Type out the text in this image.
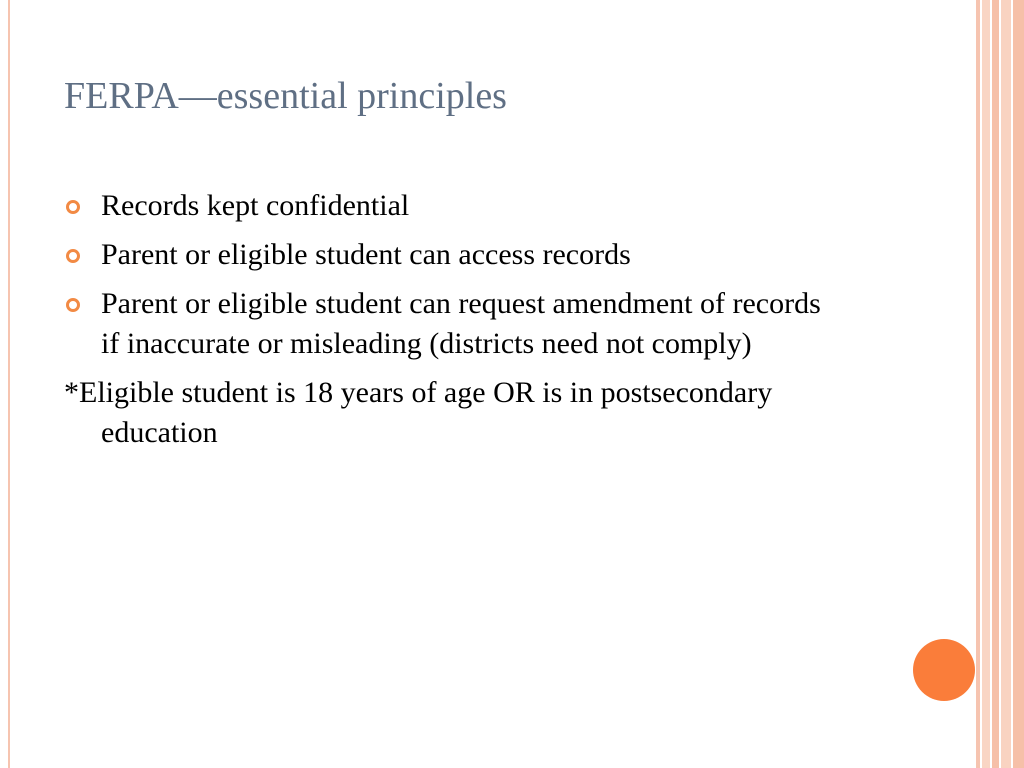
FERPA—essential principles
Records kept confidential
Parent or eligible student can access records
Parent or eligible student can request amendment of records if inaccurate or misleading (districts need not comply)
*Eligible student is 18 years of age OR is in postsecondary education
